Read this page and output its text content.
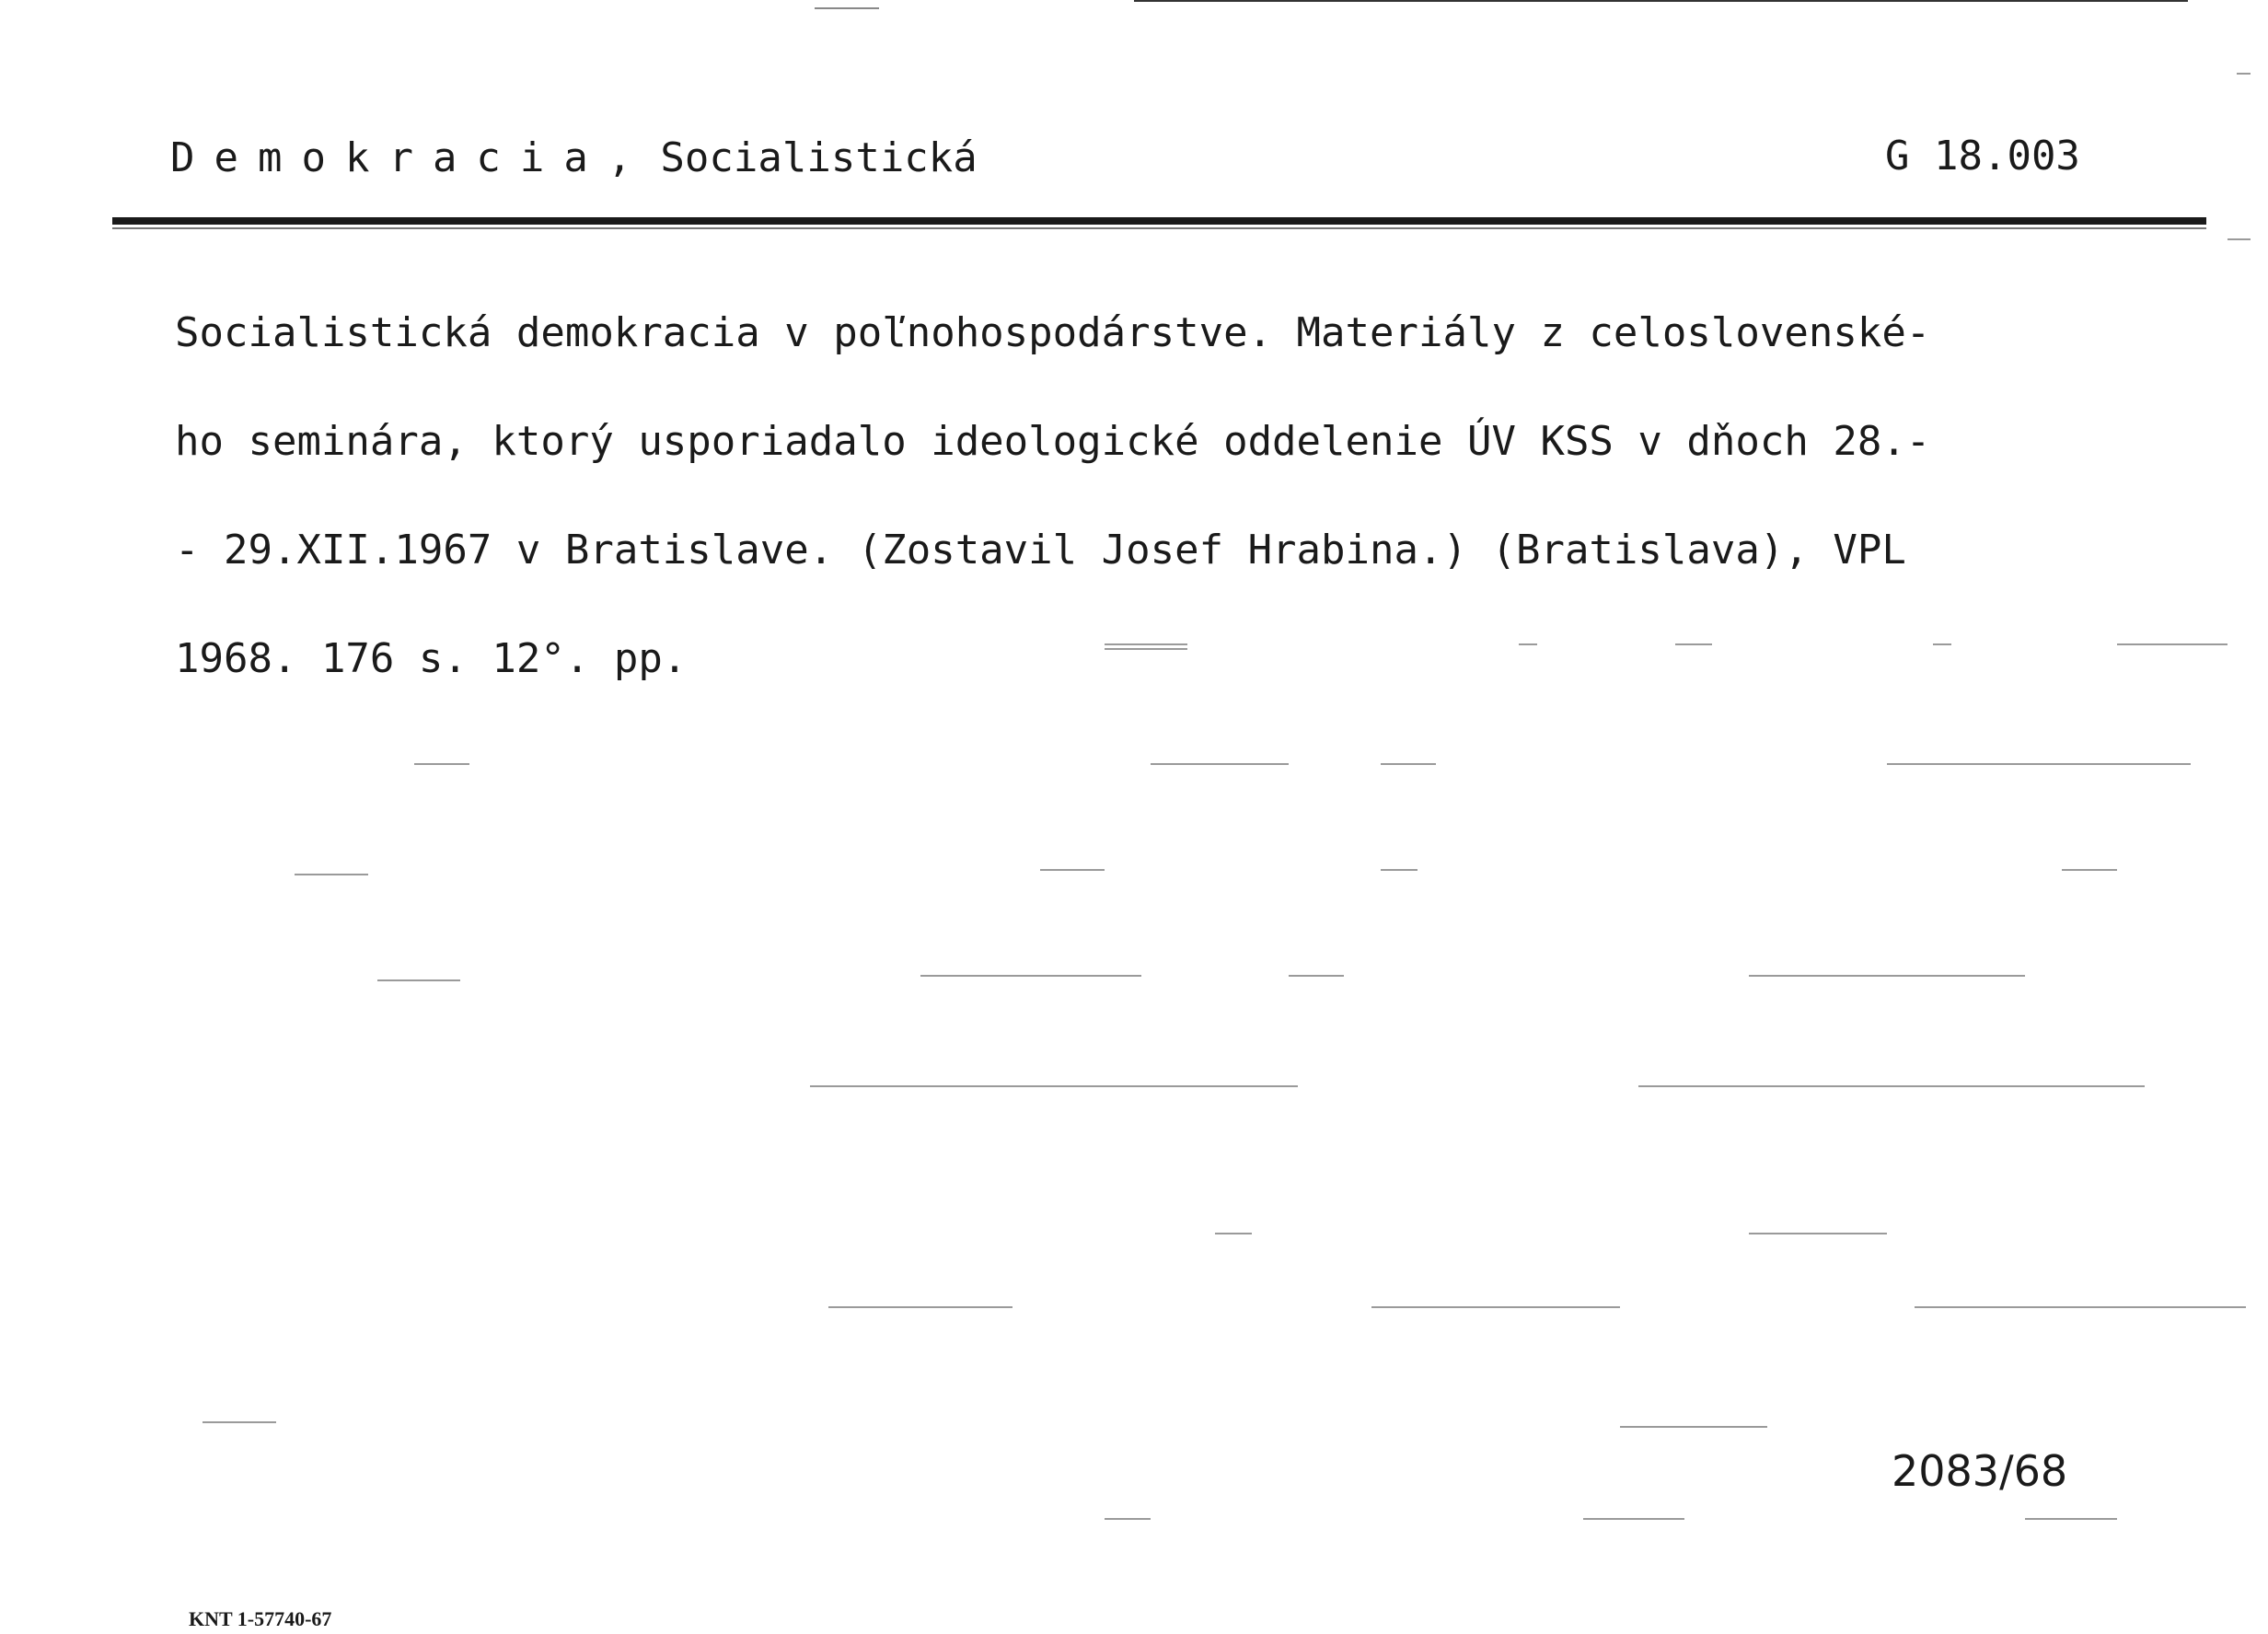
Demokracia, Socialistická	G 18.003
Socialistická demokracia v poľnohospodárstve. Materiály z celoslovenské-
ho seminára, ktorý usporiadalo ideologické oddelenie ÚV KSS v dňoch 28.-
- 29.XII.1967 v Bratislave. (Zostavil Josef Hrabina.) (Bratislava), VPL
1968. 176 s. 12°. pp.
2083/68
KNT 1-57740-67
